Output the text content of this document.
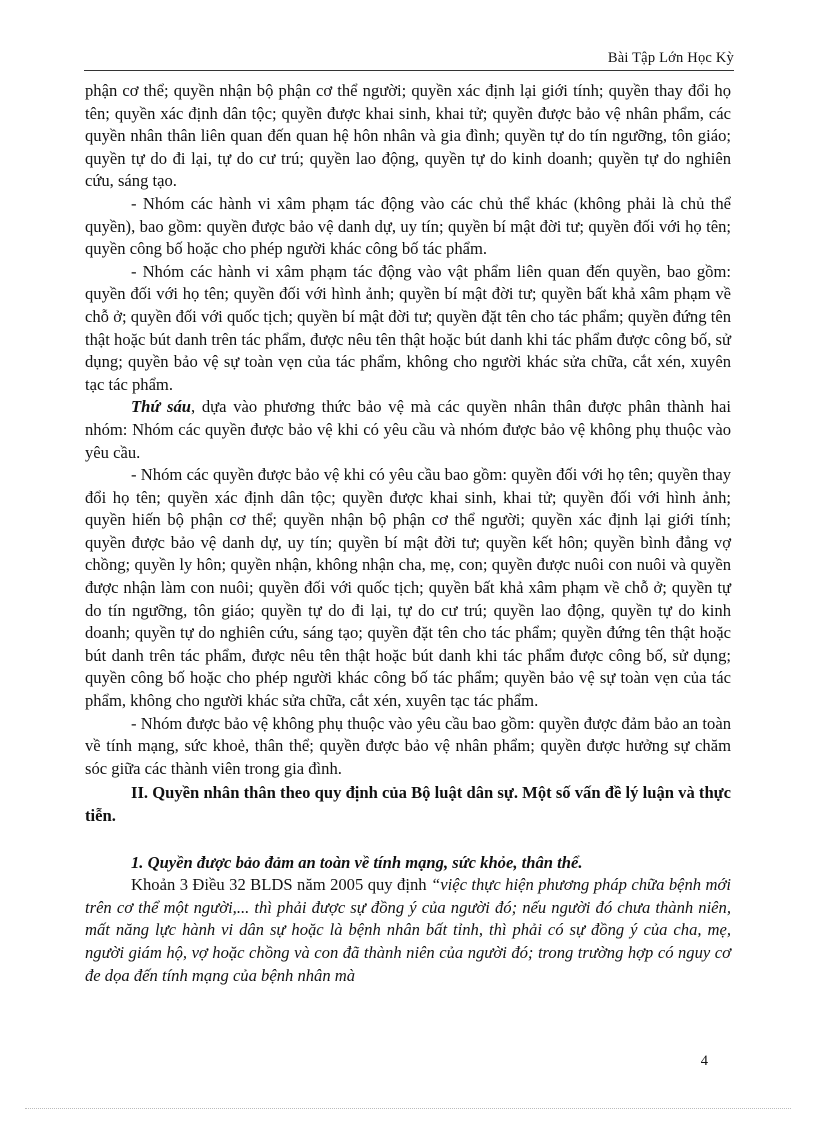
Bài Tập Lớn Học Kỳ

phận cơ thể; quyền nhận bộ phận cơ thể người; quyền xác định lại giới tính; quyền thay đổi họ tên; quyền xác định dân tộc; quyền được khai sinh, khai tử; quyền được bảo vệ nhân phẩm, các quyền nhân thân liên quan đến quan hệ hôn nhân và gia đình; quyền tự do tín ngưỡng, tôn giáo; quyền tự do đi lại, tự do cư trú; quyền lao động, quyền tự do kinh doanh; quyền tự do nghiên cứu, sáng tạo.

- Nhóm các hành vi xâm phạm tác động vào các chủ thể khác (không phải là chủ thể quyền), bao gồm: quyền được bảo vệ danh dự, uy tín; quyền bí mật đời tư; quyền đối với họ tên; quyền công bố hoặc cho phép người khác công bố tác phẩm.

- Nhóm các hành vi xâm phạm tác động vào vật phẩm liên quan đến quyền, bao gồm: quyền đối với họ tên; quyền đối với hình ảnh; quyền bí mật đời tư; quyền bất khả xâm phạm về chỗ ở; quyền đối với quốc tịch; quyền bí mật đời tư; quyền đặt tên cho tác phẩm; quyền đứng tên thật hoặc bút danh trên tác phẩm, được nêu tên thật hoặc bút danh khi tác phẩm được công bố, sử dụng; quyền bảo vệ sự toàn vẹn của tác phẩm, không cho người khác sửa chữa, cắt xén, xuyên tạc tác phẩm.

Thứ sáu, dựa vào phương thức bảo vệ mà các quyền nhân thân được phân thành hai nhóm: Nhóm các quyền được bảo vệ khi có yêu cầu và nhóm được bảo vệ không phụ thuộc vào yêu cầu.

- Nhóm các quyền được bảo vệ khi có yêu cầu bao gồm: quyền đối với họ tên; quyền thay đổi họ tên; quyền xác định dân tộc; quyền được khai sinh, khai tử; quyền đối với hình ảnh; quyền hiến bộ phận cơ thể; quyền nhận bộ phận cơ thể người; quyền xác định lại giới tính; quyền được bảo vệ danh dự, uy tín; quyền bí mật đời tư; quyền kết hôn; quyền bình đẳng vợ chồng; quyền ly hôn; quyền nhận, không nhận cha, mẹ, con; quyền được nuôi con nuôi và quyền được nhận làm con nuôi; quyền đối với quốc tịch; quyền bất khả xâm phạm về chỗ ở; quyền tự do tín ngưỡng, tôn giáo; quyền tự do đi lại, tự do cư trú; quyền lao động, quyền tự do kinh doanh; quyền tự do nghiên cứu, sáng tạo; quyền đặt tên cho tác phẩm; quyền đứng tên thật hoặc bút danh trên tác phẩm, được nêu tên thật hoặc bút danh khi tác phẩm được công bố, sử dụng; quyền công bố hoặc cho phép người khác công bố tác phẩm; quyền bảo vệ sự toàn vẹn của tác phẩm, không cho người khác sửa chữa, cắt xén, xuyên tạc tác phẩm.

- Nhóm được bảo vệ không phụ thuộc vào yêu cầu bao gồm: quyền được đảm bảo an toàn về tính mạng, sức khoẻ, thân thể; quyền được bảo vệ nhân phẩm; quyền được hưởng sự chăm sóc giữa các thành viên trong gia đình.

II. Quyền nhân thân theo quy định của Bộ luật dân sự. Một số vấn đề lý luận và thực tiễn.

1. Quyền được bảo đảm an toàn về tính mạng, sức khỏe, thân thể.

Khoản 3 Điều 32 BLDS năm 2005 quy định “việc thực hiện phương pháp chữa bệnh mới trên cơ thể một người,... thì phải được sự đồng ý của người đó; nếu người đó chưa thành niên, mất năng lực hành vi dân sự hoặc là bệnh nhân bất tỉnh, thì phải có sự đồng ý của cha, mẹ, người giám hộ, vợ hoặc chồng và con đã thành niên của người đó; trong trường hợp có nguy cơ đe dọa đến tính mạng của bệnh nhân mà

4
